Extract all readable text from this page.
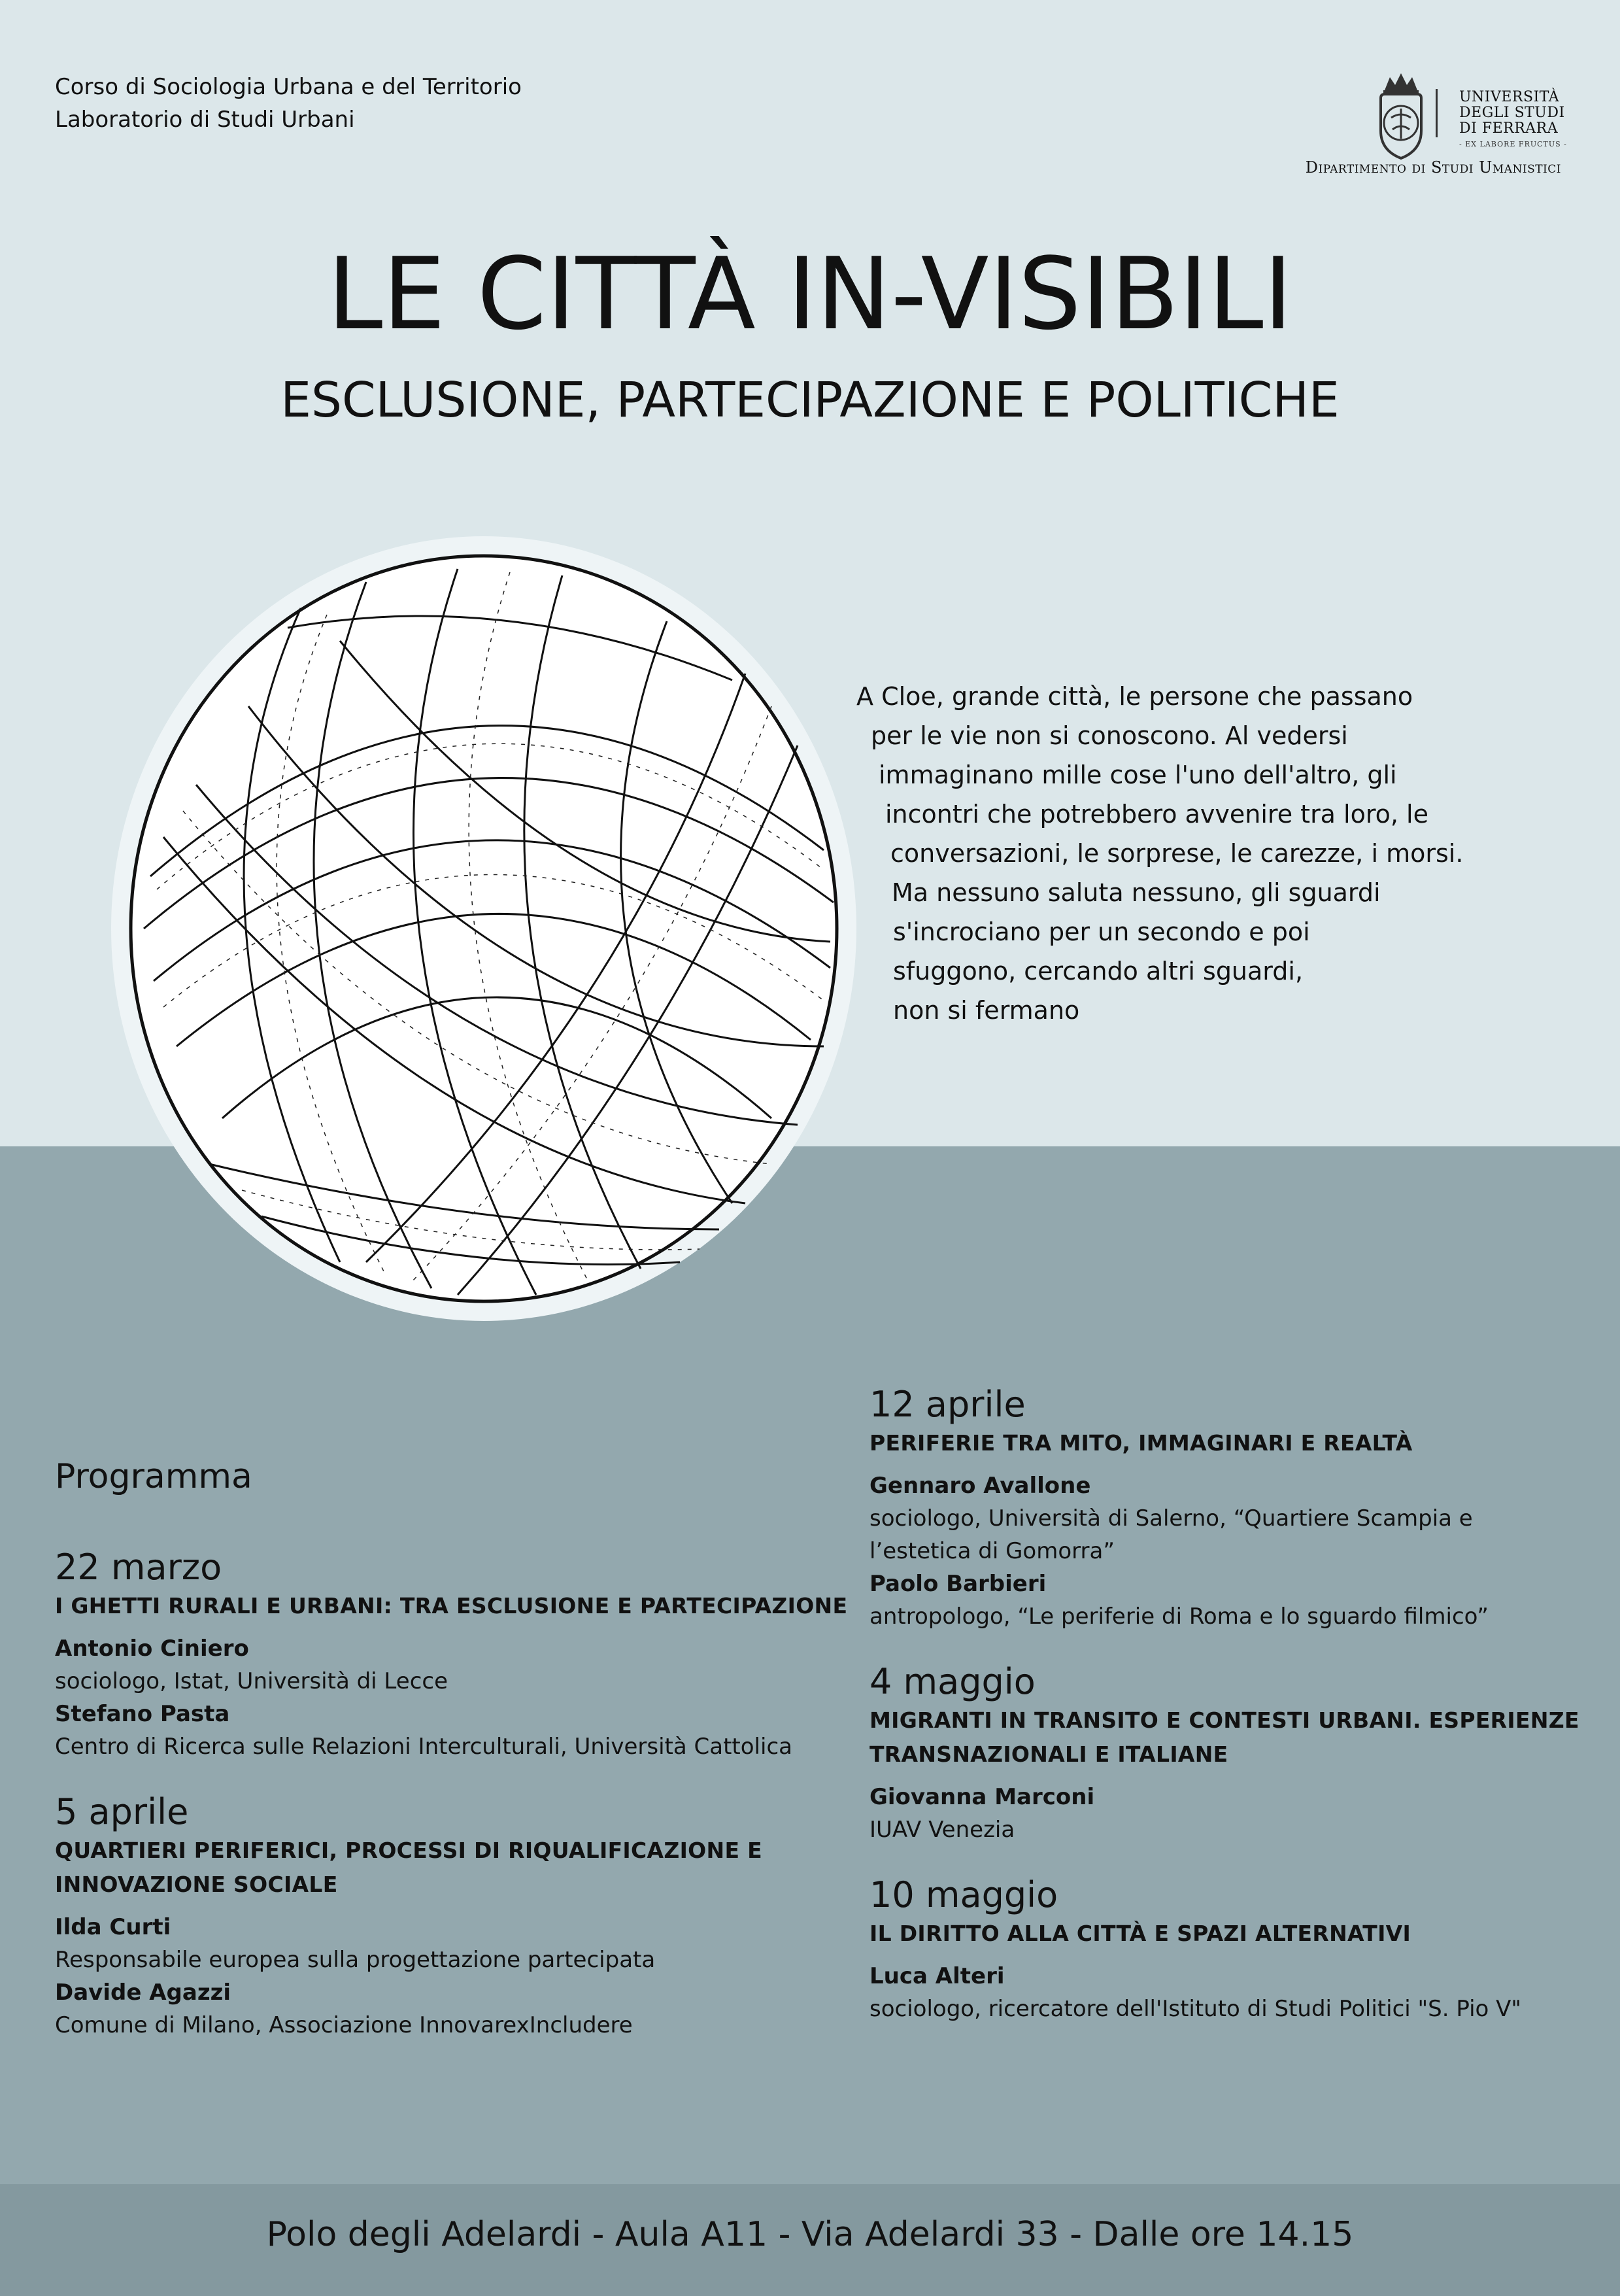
Corso di Sociologia Urbana e del Territorio
Laboratorio di Studi Urbani
UNIVERSITÀ
DEGLI STUDI
DI FERRARA
- EX LABORE FRUCTUS -
Dipartimento di Studi Umanistici
LE CITTÀ IN-VISIBILI
ESCLUSIONE, PARTECIPAZIONE E POLITICHE
A Cloe, grande città, le persone che passano
per le vie non si conoscono. Al vedersi
immaginano mille cose l'uno dell'altro, gli
incontri che potrebbero avvenire tra loro, le
conversazioni, le sorprese, le carezze, i morsi.
Ma nessuno saluta nessuno, gli sguardi
s'incrociano per un secondo e poi
sfuggono, cercando altri sguardi,
non si fermano
Programma
22 marzo
I GHETTI RURALI E URBANI: TRA ESCLUSIONE E PARTECIPAZIONE
Antonio Ciniero
sociologo, Istat, Università di Lecce
Stefano Pasta
Centro di Ricerca sulle Relazioni Interculturali, Università Cattolica
5 aprile
QUARTIERI PERIFERICI, PROCESSI DI RIQUALIFICAZIONE E
INNOVAZIONE SOCIALE
Ilda Curti
Responsabile europea sulla progettazione partecipata
Davide Agazzi
Comune di Milano, Associazione InnovarexIncludere
12 aprile
PERIFERIE TRA MITO, IMMAGINARI E REALTÀ
Gennaro Avallone
sociologo, Università di Salerno, “Quartiere Scampia e
l’estetica di Gomorra”
Paolo Barbieri
antropologo, “Le periferie di Roma e lo sguardo filmico”
4 maggio
MIGRANTI IN TRANSITO E CONTESTI URBANI. ESPERIENZE
TRANSNAZIONALI E ITALIANE
Giovanna Marconi
IUAV Venezia
10 maggio
IL DIRITTO ALLA CITTÀ E SPAZI ALTERNATIVI
Luca Alteri
sociologo, ricercatore dell'Istituto di Studi Politici "S. Pio V"
Polo degli Adelardi - Aula A11 - Via Adelardi 33 - Dalle ore 14.15
